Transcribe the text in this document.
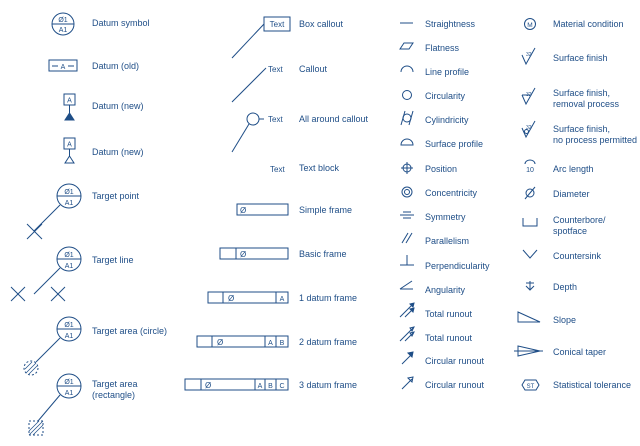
Ø1
A1
A
A
A
Ø1
A1
Ø1
A1
Ø1
A1
Ø1
A1
Text
Text
Text
Text
Ø
Ø
Ø	A
Ø	A B
Ø	A B C
M
32
32
32
10
ST
Datum symbol
Datum (old)
Datum (new)
Datum (new)
Target point
Target line
Target area (circle)
Target area
(rectangle)
Box callout
Callout
All around callout
Text block
Simple frame
Basic frame
1 datum frame
2 datum frame
3 datum frame
Straightness
Flatness
Line profile
Circularity
Cylindricity
Surface profile
Position
Concentricity
Symmetry
Parallelism
Perpendicularity
Angularity
Total runout
Total runout
Circular runout
Circular runout
Material condition
Surface finish
Surface finish,
removal process
Surface finish,
no process permitted
Arc length
Diameter
Counterbore/
spotface
Countersink
Depth
Slope
Conical taper
Statistical tolerance
